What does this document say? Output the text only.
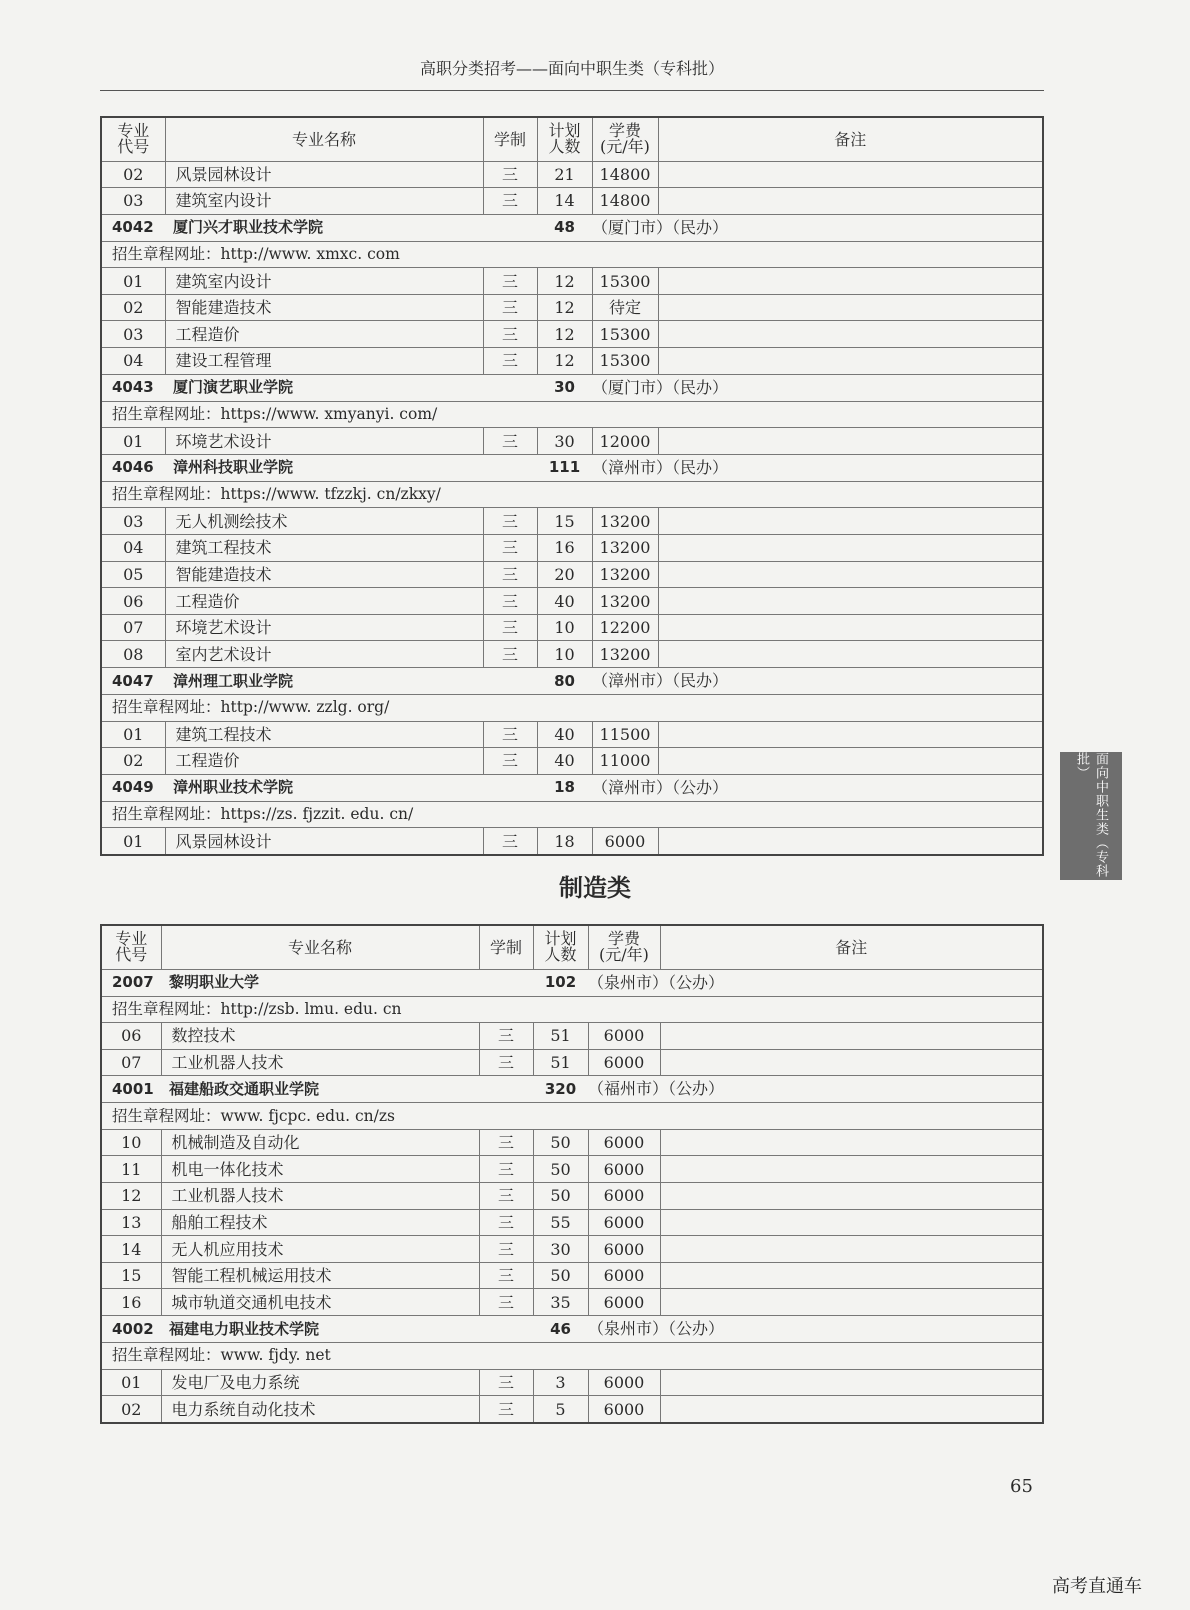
高职分类招考——面向中职生类（专科批）
专业
代号	专业名称	学制	计划
人数	学费
(元/年)	备注
02	风景园林设计	三	21	14800	
03	建筑室内设计	三	14	14800	
4042	厦门兴才职业技术学院		48	（厦门市）（民办）	
招生章程网址：http://www. xmxc. com					
01	建筑室内设计	三	12	15300	
02	智能建造技术	三	12	待定	
03	工程造价	三	12	15300	
04	建设工程管理	三	12	15300	
4043	厦门演艺职业学院		30	（厦门市）（民办）	
招生章程网址：https://www. xmyanyi. com/					
01	环境艺术设计	三	30	12000	
4046	漳州科技职业学院		111	（漳州市）（民办）	
招生章程网址：https://www. tfzzkj. cn/zkxy/					
03	无人机测绘技术	三	15	13200	
04	建筑工程技术	三	16	13200	
05	智能建造技术	三	20	13200	
06	工程造价	三	40	13200	
07	环境艺术设计	三	10	12200	
08	室内艺术设计	三	10	13200	
4047	漳州理工职业学院		80	（漳州市）（民办）	
招生章程网址：http://www. zzlg. org/					
01	建筑工程技术	三	40	11500	
02	工程造价	三	40	11000	
4049	漳州职业技术学院		18	（漳州市）（公办）	
招生章程网址：https://zs. fjzzit. edu. cn/					
01	风景园林设计	三	18	6000		面向中职生类（专科批）
制造类
专业
代号	专业名称	学制	计划
人数	学费
(元/年)	备注
2007	黎明职业大学		102	（泉州市）（公办）	
招生章程网址：http://zsb. lmu. edu. cn					
06	数控技术	三	51	6000	
07	工业机器人技术	三	51	6000	
4001	福建船政交通职业学院		320	（福州市）（公办）	
招生章程网址：www. fjcpc. edu. cn/zs					
10	机械制造及自动化	三	50	6000	
11	机电一体化技术	三	50	6000	
12	工业机器人技术	三	50	6000	
13	船舶工程技术	三	55	6000	
14	无人机应用技术	三	30	6000	
15	智能工程机械运用技术	三	50	6000	
16	城市轨道交通机电技术	三	35	6000	
4002	福建电力职业技术学院		46	（泉州市）（公办）	
招生章程网址：www. fjdy. net					
01	发电厂及电力系统	三	3	6000	
02	电力系统自动化技术	三	5	6000	
65
高考直通车
